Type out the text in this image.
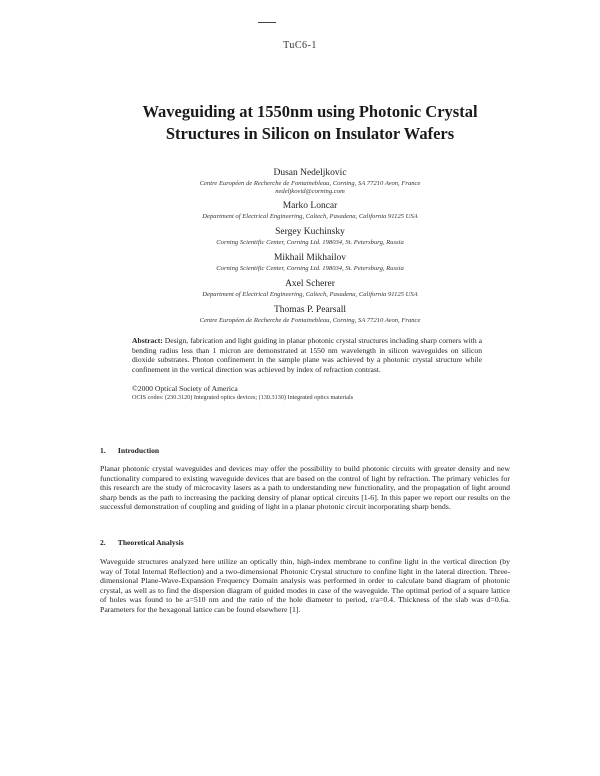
TuC6-1
Waveguiding at 1550nm using Photonic Crystal
Structures in Silicon on Insulator Wafers
Dusan Nedeljkovic
Centre Européen de Recherche de Fontainebleau, Corning, SA 77210 Avon, France
nedeljkovid@corning.com
Marko Loncar
Department of Electrical Engineering, Caltech, Pasadena, California 91125 USA
Sergey Kuchinsky
Corning Scientific Center, Corning Ltd. 198034, St. Petersburg, Russia
Mikhail Mikhailov
Corning Scientific Center, Corning Ltd. 198034, St. Petersburg, Russia
Axel Scherer
Department of Electrical Engineering, Caltech, Pasadena, California 91125 USA
Thomas P. Pearsall
Centre Européen de Recherche de Fontainebleau, Corning, SA 77210 Avon, France
Abstract: Design, fabrication and light guiding in planar photonic crystal structures including sharp corners with a bending radius less than 1 micron are demonstrated at 1550 nm wavelength in silicon waveguides on silicon dioxide substrates. Photon confinement in the sample plane was achieved by a photonic crystal structure while confinement in the vertical direction was achieved by index of refraction contrast.
©2000 Optical Society of America
OCIS codes: (230.3120) Integrated optics devices; (130.3130) Integrated optics materials
1. Introduction
Planar photonic crystal waveguides and devices may offer the possibility to build photonic circuits with greater density and new functionality compared to existing waveguide devices that are based on the control of light by refraction. The primary vehicles for this research are the study of microcavity lasers as a path to understanding new functionality, and the propagation of light around sharp bends as the path to increasing the packing density of planar optical circuits [1-6]. In this paper we report our results on the successful demonstration of coupling and guiding of light in a planar photonic circuit incorporating sharp bends.
2. Theoretical Analysis
Waveguide structures analyzed here utilize an optically thin, high-index membrane to confine light in the vertical direction (by way of Total Internal Reflection) and a two-dimensional Photonic Crystal structure to confine light in the lateral direction. Three-dimensional Plane-Wave-Expansion Frequency Domain analysis was performed in order to calculate band diagram of photonic crystal, as well as to find the dispersion diagram of guided modes in case of the waveguide. The optimal period of a square lattice of holes was found to be a=510 nm and the ratio of the hole diameter to period, r/a=0.4. Thickness of the slab was d=0.6a. Parameters for the hexagonal lattice can be found elsewhere [1].
